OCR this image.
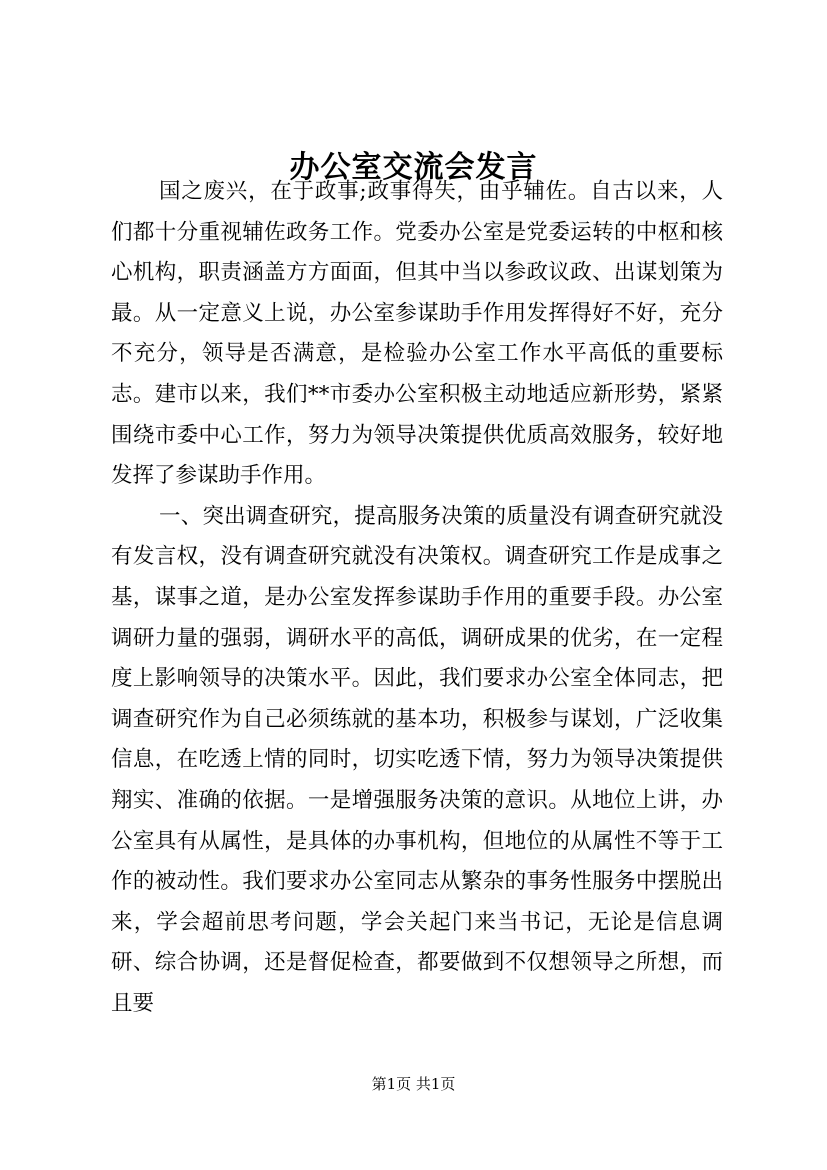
办公室交流会发言

国之废兴，在于政事;政事得失，由乎辅佐。自古以来，人们都十分重视辅佐政务工作。党委办公室是党委运转的中枢和核心机构，职责涵盖方方面面，但其中当以参政议政、出谋划策为最。从一定意义上说，办公室参谋助手作用发挥得好不好，充分不充分，领导是否满意，是检验办公室工作水平高低的重要标志。建市以来，我们**市委办公室积极主动地适应新形势，紧紧围绕市委中心工作，努力为领导决策提供优质高效服务，较好地发挥了参谋助手作用。

一、突出调查研究，提高服务决策的质量没有调查研究就没有发言权，没有调查研究就没有决策权。调查研究工作是成事之基，谋事之道，是办公室发挥参谋助手作用的重要手段。办公室调研力量的强弱，调研水平的高低，调研成果的优劣，在一定程度上影响领导的决策水平。因此，我们要求办公室全体同志，把调查研究作为自己必须练就的基本功，积极参与谋划，广泛收集信息，在吃透上情的同时，切实吃透下情，努力为领导决策提供翔实、准确的依据。一是增强服务决策的意识。从地位上讲，办公室具有从属性，是具体的办事机构，但地位的从属性不等于工作的被动性。我们要求办公室同志从繁杂的事务性服务中摆脱出来，学会超前思考问题，学会关起门来当书记，无论是信息调研、综合协调，还是督促检查，都要做到不仅想领导之所想，而且要

第1页 共1页
